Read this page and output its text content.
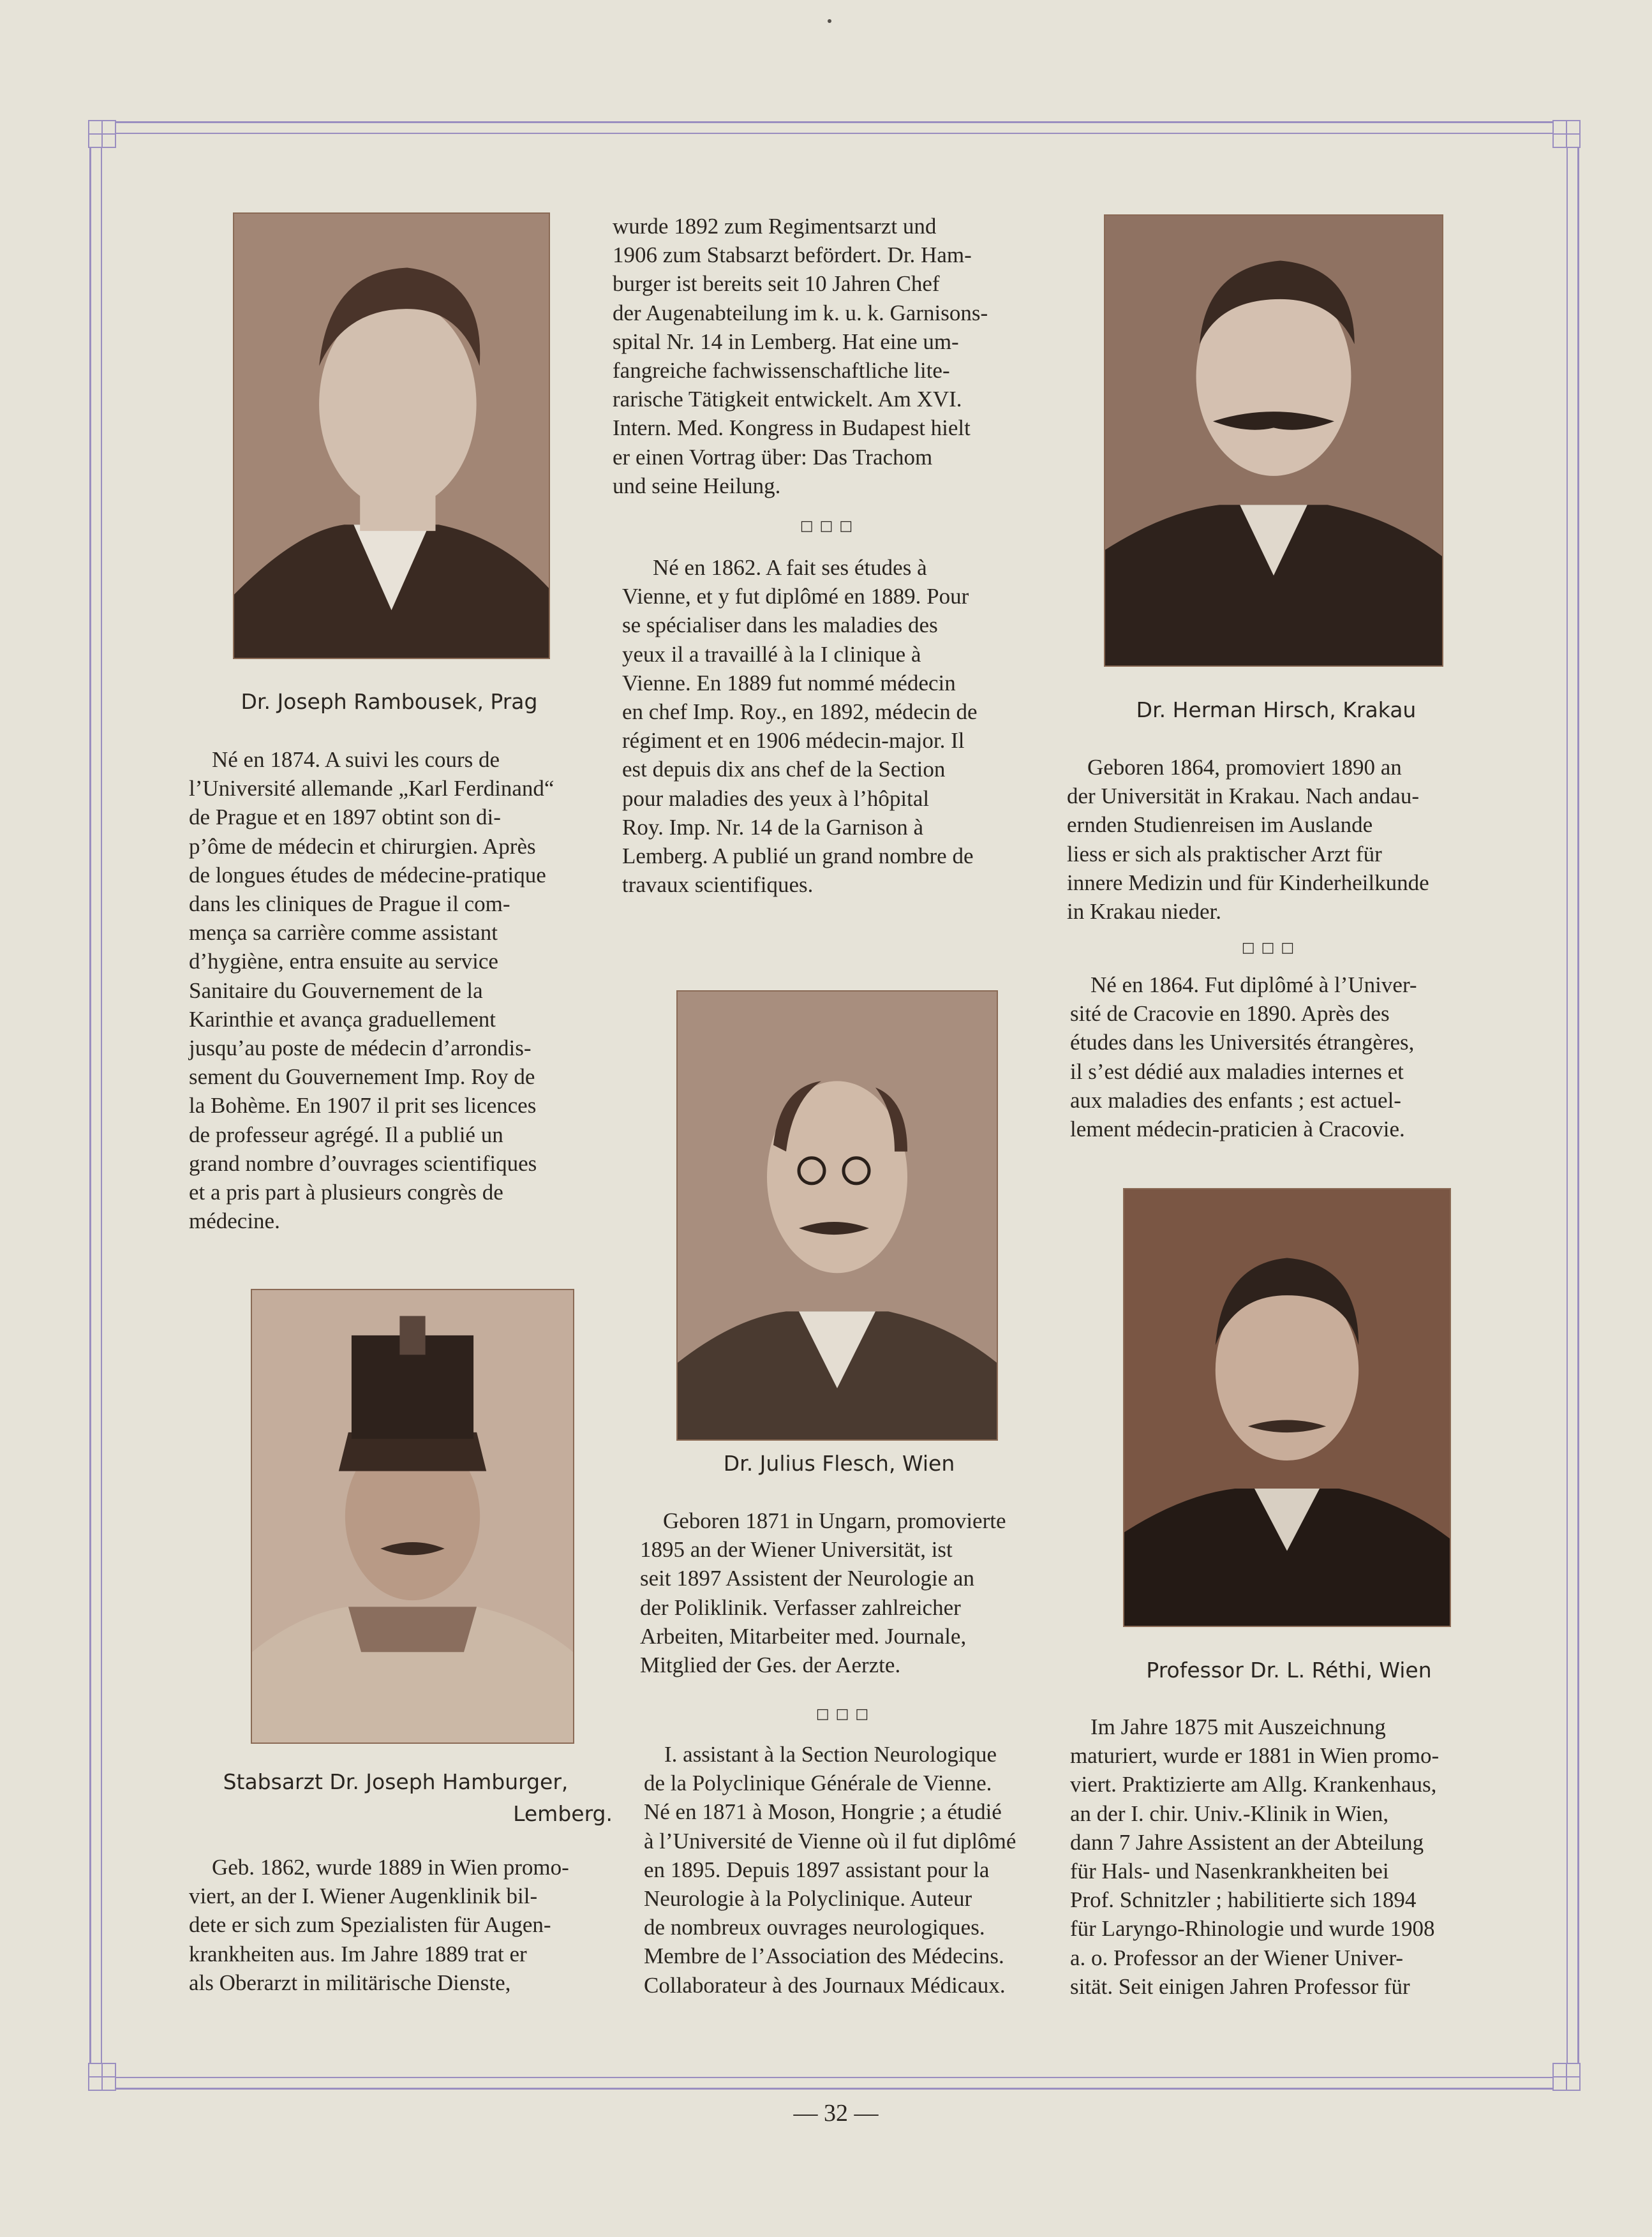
Dr. Joseph Rambousek, Prag

Né en 1874. A suivi les cours de

l’Université allemande „Karl Ferdinand“

de Prague et en 1897 obtint son di-

p’ôme de médecin et chirurgien. Après

de longues études de médecine-pratique

dans les cliniques de Prague il com-

mença sa carrière comme assistant

d’hygiène, entra ensuite au service

Sanitaire du Gouvernement de la

Karinthie et avança graduellement

jusqu’au poste de médecin d’arrondis-

sement du Gouvernement Imp. Roy de

la Bohème. En 1907 il prit ses licences

de professeur agrégé. Il a publié un

grand nombre d’ouvrages scientifiques

et a pris part à plusieurs congrès de

médecine.

Stabsarzt Dr. Joseph Hamburger,
Lemberg.

Geb. 1862, wurde 1889 in Wien promo-

viert, an der I. Wiener Augenklinik bil-

dete er sich zum Spezialisten für Augen-

krankheiten aus. Im Jahre 1889 trat er

als Oberarzt in militärische Dienste,

wurde 1892 zum Regimentsarzt und

1906 zum Stabsarzt befördert. Dr. Ham-

burger ist bereits seit 10 Jahren Chef

der Augenabteilung im k. u. k. Garnisons-

spital Nr. 14 in Lemberg. Hat eine um-

fangreiche fachwissenschaftliche lite-

rarische Tätigkeit entwickelt. Am XVI.

Intern. Med. Kongress in Budapest hielt

er einen Vortrag über: Das Trachom

und seine Heilung.

□□□

Né en 1862. A fait ses études à

Vienne, et y fut diplômé en 1889. Pour

se spécialiser dans les maladies des

yeux il a travaillé à la I clinique à

Vienne. En 1889 fut nommé médecin

en chef Imp. Roy., en 1892, médecin de

régiment et en 1906 médecin-major. Il

est depuis dix ans chef de la Section

pour maladies des yeux à l’hôpital

Roy. Imp. Nr. 14 de la Garnison à

Lemberg. A publié un grand nombre de

travaux scientifiques.

Dr. Julius Flesch, Wien

Geboren 1871 in Ungarn, promovierte

1895 an der Wiener Universität, ist

seit 1897 Assistent der Neurologie an

der Poliklinik. Verfasser zahlreicher

Arbeiten, Mitarbeiter med. Journale,

Mitglied der Ges. der Aerzte.

□□□

I. assistant à la Section Neurologique

de la Polyclinique Générale de Vienne.

Né en 1871 à Moson, Hongrie ; a étudié

à l’Université de Vienne où il fut diplômé

en 1895. Depuis 1897 assistant pour la

Neurologie à la Polyclinique. Auteur

de nombreux ouvrages neurologiques.

Membre de l’Association des Médecins.

Collaborateur à des Journaux Médicaux.

Dr. Herman Hirsch, Krakau

Geboren 1864, promoviert 1890 an

der Universität in Krakau. Nach andau-

ernden Studienreisen im Auslande

liess er sich als praktischer Arzt für

innere Medizin und für Kinderheilkunde

in Krakau nieder.

□□□

Né en 1864. Fut diplômé à l’Univer-

sité de Cracovie en 1890. Après des

études dans les Universités étrangères,

il s’est dédié aux maladies internes et

aux maladies des enfants ; est actuel-

lement médecin-praticien à Cracovie.

Professor Dr. L. Réthi, Wien

Im Jahre 1875 mit Auszeichnung

maturiert, wurde er 1881 in Wien promo-

viert. Praktizierte am Allg. Krankenhaus,

an der I. chir. Univ.-Klinik in Wien,

dann 7 Jahre Assistent an der Abteilung

für Hals- und Nasenkrankheiten bei

Prof. Schnitzler ; habilitierte sich 1894

für Laryngo-Rhinologie und wurde 1908

a. o. Professor an der Wiener Univer-

sität. Seit einigen Jahren Professor für

— 32 —
